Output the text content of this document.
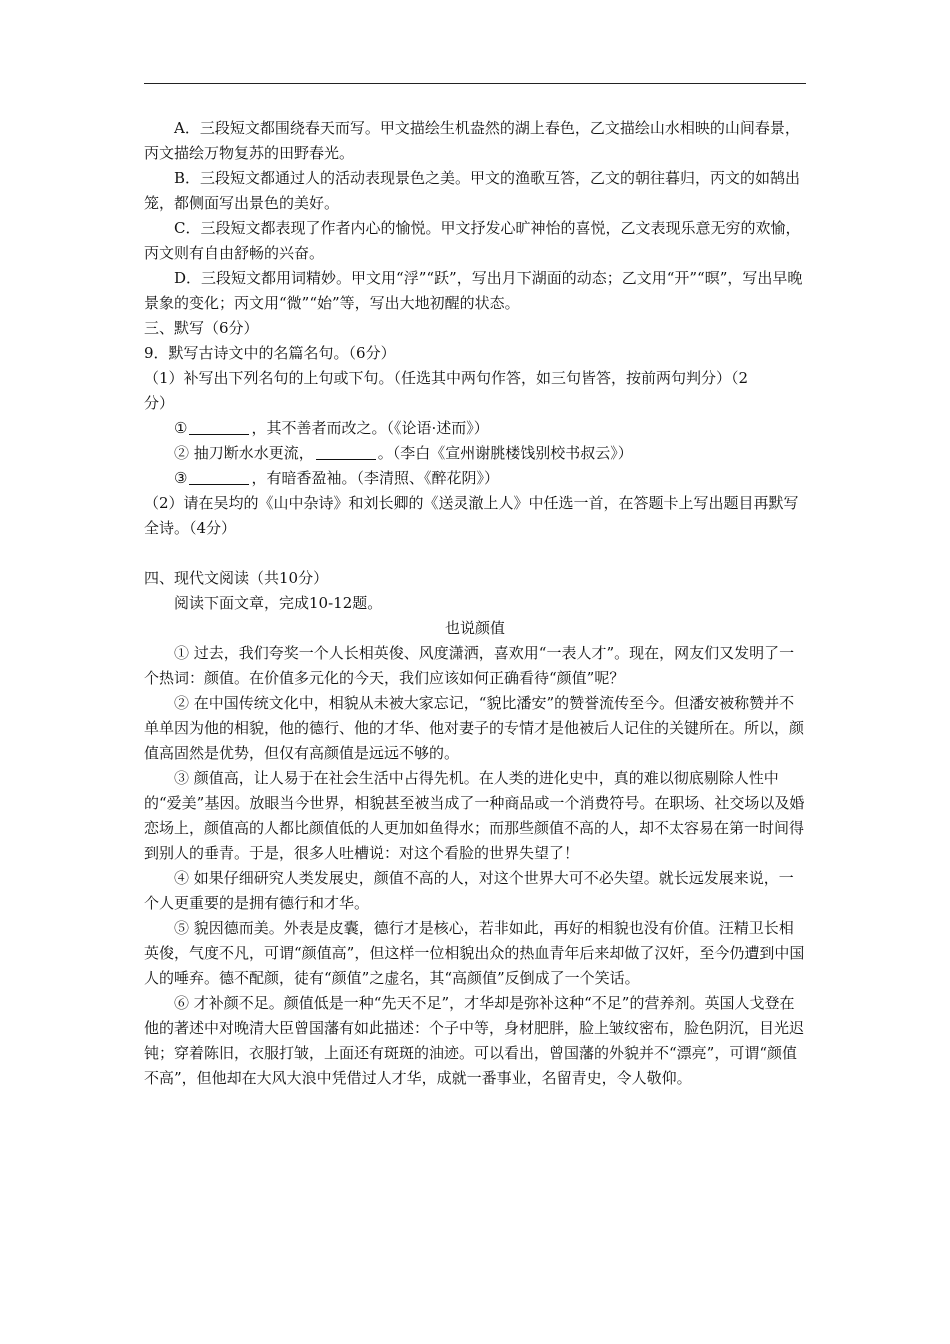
A．三段短文都围绕春天而写。甲文描绘生机盎然的湖上春色，乙文描绘山水相映的山间春景，丙文描绘万物复苏的田野春光。

B．三段短文都通过人的活动表现景色之美。甲文的渔歌互答，乙文的朝往暮归，丙文的如鹄出笼，都侧面写出景色的美好。

C．三段短文都表现了作者内心的愉悦。甲文抒发心旷神怡的喜悦，乙文表现乐意无穷的欢愉，丙文则有自由舒畅的兴奋。

D．三段短文都用词精妙。甲文用“浮”“跃”，写出月下湖面的动态；乙文用“开”“暝”，写出早晚景象的变化；丙文用“微”“始”等，写出大地初醒的状态。

三、默写（6分）

9．默写古诗文中的名篇名句。（6分）

（1）补写出下列名句的上句或下句。（任选其中两句作答，如三句皆答，按前两句判分）（2

分）

①	，其不善者而改之。（《论语·述而》）

② 抽刀断水水更流，	。（李白《宣州谢朓楼饯别校书叔云》）

③	，有暗香盈袖。（李清照、《醉花阴》）

（2）请在吴均的《山中杂诗》和刘长卿的《送灵澈上人》中任选一首，在答题卡上写出题目再默写全诗。（4分）

四、现代文阅读（共10分）

阅读下面文章，完成10-12题。

也说颜值

① 过去，我们夸奖一个人长相英俊、风度潇洒，喜欢用“一表人才”。现在，网友们又发明了一个热词：颜值。在价值多元化的今天，我们应该如何正确看待“颜值”呢？

② 在中国传统文化中，相貌从未被大家忘记，“貌比潘安”的赞誉流传至今。但潘安被称赞并不单单因为他的相貌，他的德行、他的才华、他对妻子的专情才是他被后人记住的关键所在。所以，颜值高固然是优势，但仅有高颜值是远远不够的。

③ 颜值高，让人易于在社会生活中占得先机。在人类的进化史中，真的难以彻底剔除人性中的“爱美”基因。放眼当今世界，相貌甚至被当成了一种商品或一个消费符号。在职场、社交场以及婚恋场上，颜值高的人都比颜值低的人更加如鱼得水；而那些颜值不高的人，却不太容易在第一时间得到别人的垂青。于是，很多人吐槽说：对这个看脸的世界失望了！

④ 如果仔细研究人类发展史，颜值不高的人，对这个世界大可不必失望。就长远发展来说，一个人更重要的是拥有德行和才华。

⑤ 貌因德而美。外表是皮囊，德行才是核心，若非如此，再好的相貌也没有价值。汪精卫长相英俊，气度不凡，可谓“颜值高”，但这样一位相貌出众的热血青年后来却做了汉奸，至今仍遭到中国人的唾弃。德不配颜，徒有“颜值”之虚名，其“高颜值”反倒成了一个笑话。

⑥ 才补颜不足。颜值低是一种“先天不足”，才华却是弥补这种“不足”的营养剂。英国人戈登在他的著述中对晚清大臣曾国藩有如此描述：个子中等，身材肥胖，脸上皱纹密布，脸色阴沉，目光迟钝；穿着陈旧，衣服打皱，上面还有斑斑的油迹。可以看出，曾国藩的外貌并不“漂亮”，可谓“颜值不高”，但他却在大风大浪中凭借过人才华，成就一番事业，名留青史，令人敬仰。
